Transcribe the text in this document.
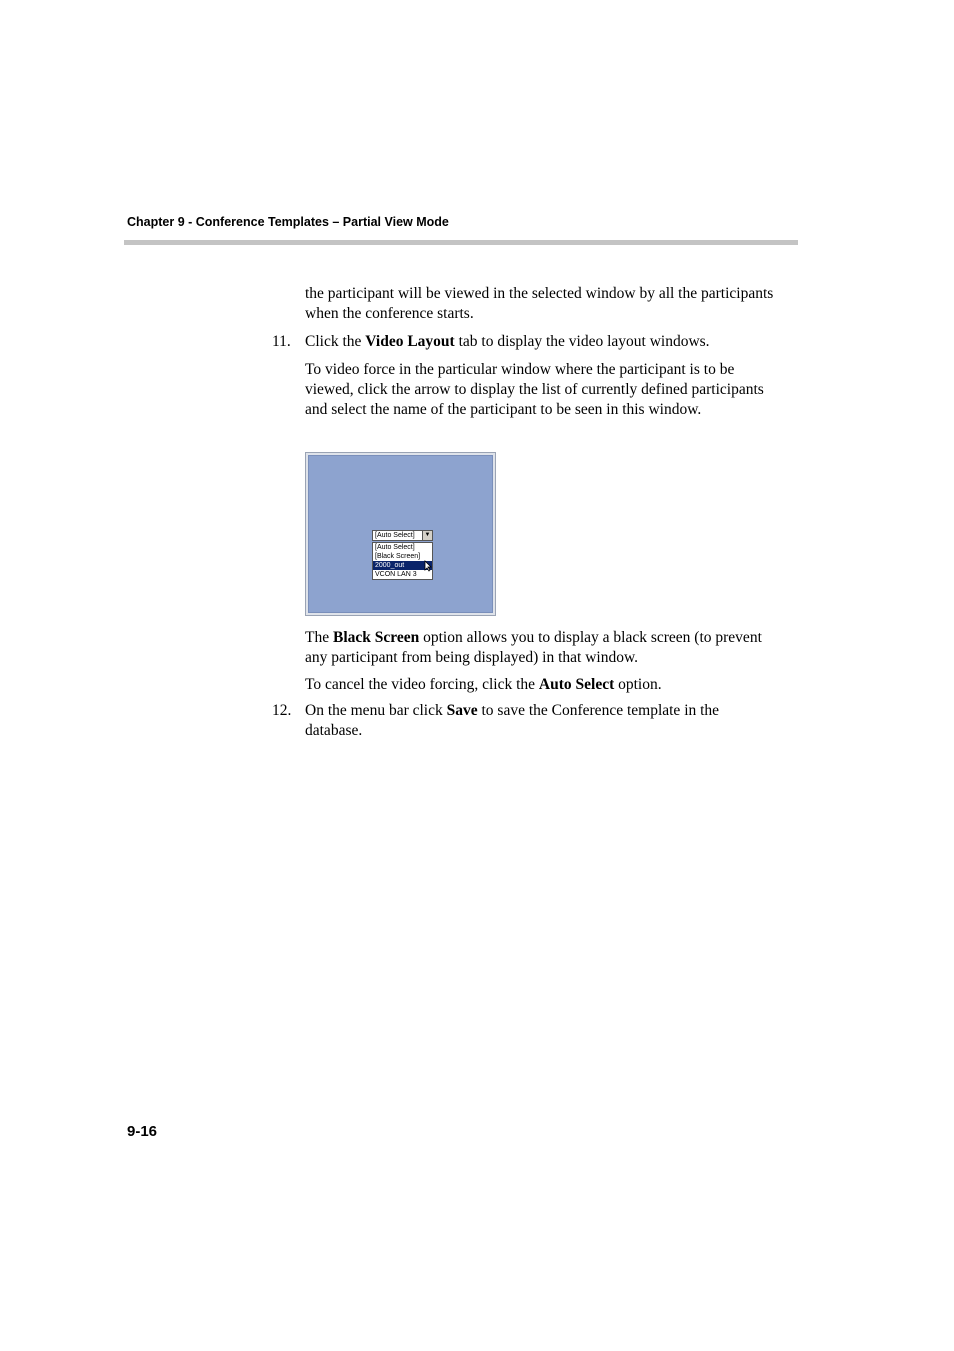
Chapter 9 - Conference Templates – Partial View Mode
the participant will be viewed in the selected window by all the participants when the conference starts.
11. Click the Video Layout tab to display the video layout windows.
To video force in the particular window where the participant is to be viewed, click the arrow to display the list of currently defined participants and select the name of the participant to be seen in this window.
[Auto Select]	▼
[Auto Select]
[Black Screen]
2000_out
VCON LAN 3
The Black Screen option allows you to display a black screen (to prevent any participant from being displayed) in that window.
To cancel the video forcing, click the Auto Select option.
12. On the menu bar click Save to save the Conference template in the database.
9-16
